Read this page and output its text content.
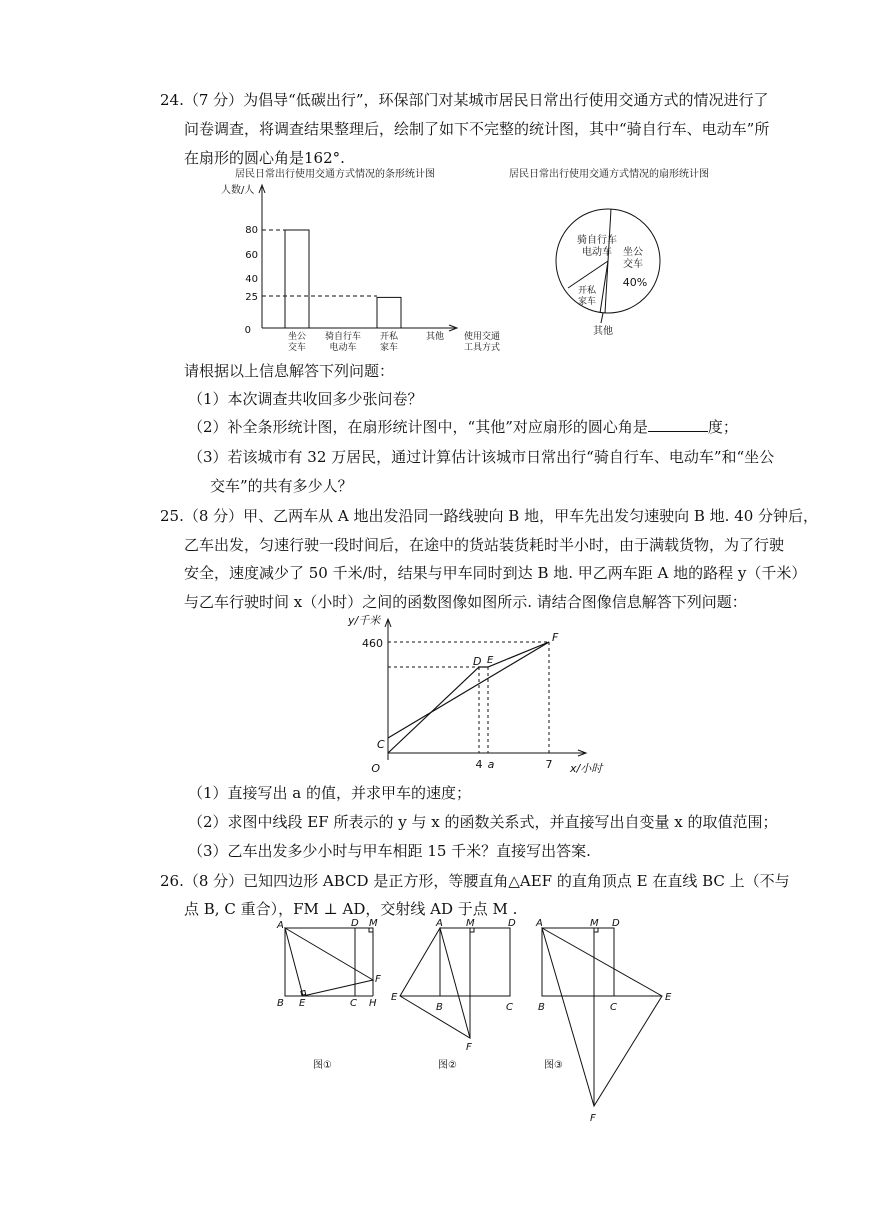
24.（7 分）为倡导“低碳出行”，环保部门对某城市居民日常出行使用交通方式的情况进行了
问卷调查，将调查结果整理后，绘制了如下不完整的统计图，其中“骑自行车、电动车”所
在扇形的圆心角是162°.
居民日常出行使用交通方式情况的条形统计图
人数/人
0
25
40
60
80
坐公
交车
骑自行车
电动车
开私
家车
其他 使用交通
工具方式
居民日常出行使用交通方式情况的扇形统计图
骑自行车
电动车 坐公
交车
40%
开私
家车
其他
请根据以上信息解答下列问题：
（1）本次调查共收回多少张问卷？
（2）补全条形统计图，在扇形统计图中，“其他”对应扇形的圆心角是	度；
（3）若该城市有 32 万居民，通过计算估计该城市日常出行“骑自行车、电动车”和“坐公
交车”的共有多少人？
25.（8 分）甲、乙两车从 A 地出发沿同一路线驶向 B 地，甲车先出发匀速驶向 B 地. 40 分钟后，
乙车出发，匀速行驶一段时间后，在途中的货站装货耗时半小时，由于满载货物，为了行驶
安全，速度减少了 50 千米/时，结果与甲车同时到达 B 地. 甲乙两车距 A 地的路程 y（千米）
与乙车行驶时间 x（小时）之间的函数图像如图所示. 请结合图像信息解答下列问题：
y/千米
O
460
C
D E
F
4 a	7 x/小时
（1）直接写出 a 的值，并求甲车的速度；
（2）求图中线段 EF 所表示的 y 与 x 的函数关系式，并直接写出自变量 x 的取值范围；
（3）乙车出发多少小时与甲车相距 15 千米？直接写出答案.
26.（8 分）已知四边形 ABCD 是正方形，等腰直角△AEF 的直角顶点 E 在直线 BC 上（不与
点 B, C 重合），FM ⊥ AD，交射线 AD 于点 M .
A	D M
F
B E	C H
图①
A M	D
E
B	C
F
图②
A	M D
B	C
E
F
图③
